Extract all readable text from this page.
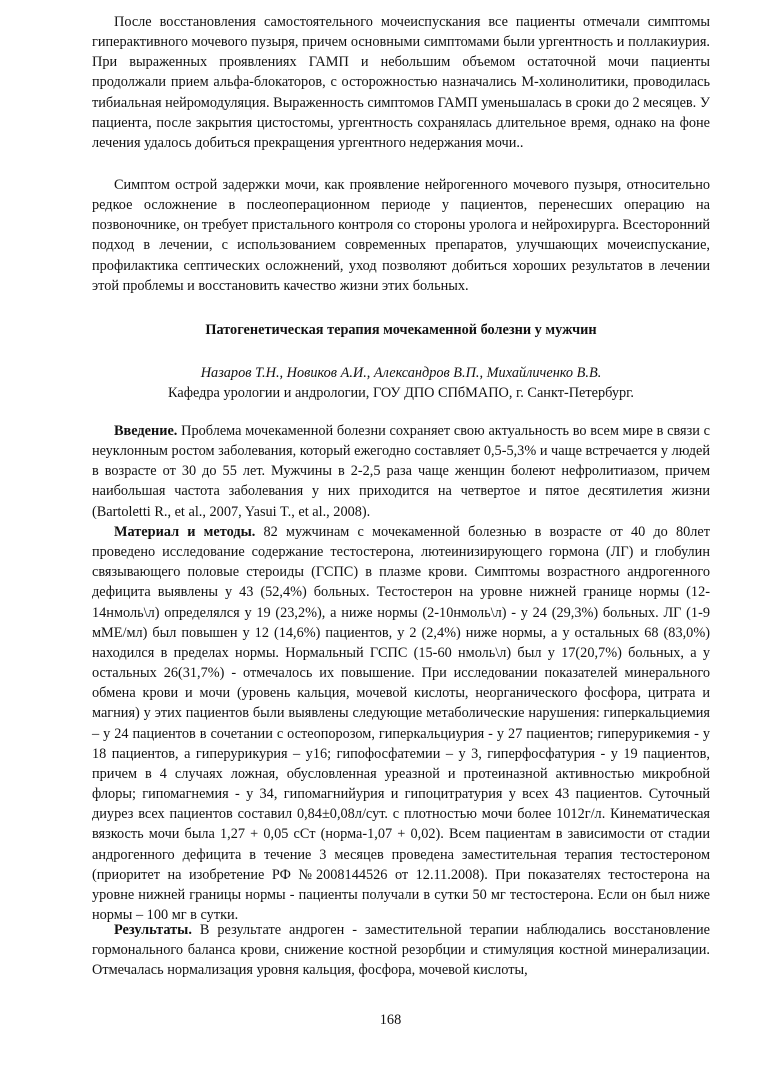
После восстановления самостоятельного мочеиспускания все пациенты отмечали симптомы гиперактивного мочевого пузыря, причем основными симптомами были ургентность и поллакиурия. При выраженных проявлениях ГАМП и небольшим объемом остаточной мочи пациенты продолжали прием альфа-блокаторов, с осторожностью назначались М-холинолитики, проводилась тибиальная нейромодуляция. Выраженность симптомов ГАМП уменьшалась в сроки до 2 месяцев. У пациента, после закрытия цистостомы, ургентность сохранялась длительное время, однако на фоне лечения удалось добиться прекращения ургентного недержания мочи..

Симптом острой задержки мочи, как проявление нейрогенного мочевого пузыря, относительно редкое осложнение в послеоперационном периоде у пациентов, перенесших операцию на позвоночнике, он требует пристального контроля со стороны уролога и нейрохирурга. Всесторонний подход в лечении, с использованием современных препаратов, улучшающих мочеиспускание, профилактика септических осложнений, уход позволяют добиться хороших результатов в лечении этой проблемы и восстановить качество жизни этих больных.

Патогенетическая терапия мочекаменной болезни у мужчин
Назаров Т.Н., Новиков А.И., Александров В.П., Михайличенко В.В.
Кафедра урологии и андрологии, ГОУ ДПО СПбМАПО, г. Санкт-Петербург.

Введение. Проблема мочекаменной болезни сохраняет свою актуальность во всем мире в связи с неуклонным ростом заболевания, который ежегодно составляет 0,5-5,3% и чаще встречается у людей в возрасте от 30 до 55 лет. Мужчины в 2-2,5 раза чаще женщин болеют нефролитиазом, причем наибольшая частота заболевания у них приходится на четвертое и пятое десятилетия жизни (Bartoletti R., et al., 2007, Yasui T., et al., 2008).

Материал и методы. 82 мужчинам с мочекаменной болезнью в возрасте от 40 до 80лет проведено исследование содержание тестостерона, лютеинизирующего гормона (ЛГ) и глобулин связывающего половые стероиды (ГСПС) в плазме крови. Симптомы возрастного андрогенного дефицита выявлены у 43 (52,4%) больных. Тестостерон на уровне нижней границе нормы (12-14нмоль\л) определялся у 19 (23,2%), а ниже нормы (2-10нмоль\л) - у 24 (29,3%) больных. ЛГ (1-9 мМЕ/мл) был повышен у 12 (14,6%) пациентов, у 2 (2,4%) ниже нормы, а у остальных 68 (83,0%) находился в пределах нормы. Нормальный ГСПС (15-60 нмоль\л) был у 17(20,7%) больных, а у остальных 26(31,7%) - отмечалось их повышение. При исследовании показателей минерального обмена крови и мочи (уровень кальция, мочевой кислоты, неорганического фосфора, цитрата и магния) у этих пациентов были выявлены следующие метаболические нарушения: гиперкальциемия – у 24 пациентов в сочетании с остеопорозом, гиперкальциурия - у 27 пациентов; гиперурикемия - у 18 пациентов, а гиперурикурия – у16; гипофосфатемии – у 3, гиперфосфатурия - у 19 пациентов, причем в 4 случаях ложная, обусловленная уреазной и протеиназной активностью микробной флоры; гипомагнемия - у 34, гипомагнийурия и гипоцитратурия у всех 43 пациентов. Суточный диурез всех пациентов составил 0,84±0,08л/сут. с плотностью мочи более 1012г/л. Кинематическая вязкость мочи была 1,27 + 0,05 сСт (норма-1,07 + 0,02). Всем пациентам в зависимости от стадии андрогенного дефицита в течение 3 месяцев проведена заместительная терапия тестостероном (приоритет на изобретение РФ №2008144526 от 12.11.2008). При показателях тестостерона на уровне нижней границы нормы - пациенты получали в сутки 50 мг тестостерона. Если он был ниже нормы – 100 мг в сутки.

Результаты. В результате андроген - заместительной терапии наблюдались восстановление гормонального баланса крови, снижение костной резорбции и стимуляция костной минерализации. Отмечалась нормализация уровня кальция, фосфора, мочевой кислоты,

168
